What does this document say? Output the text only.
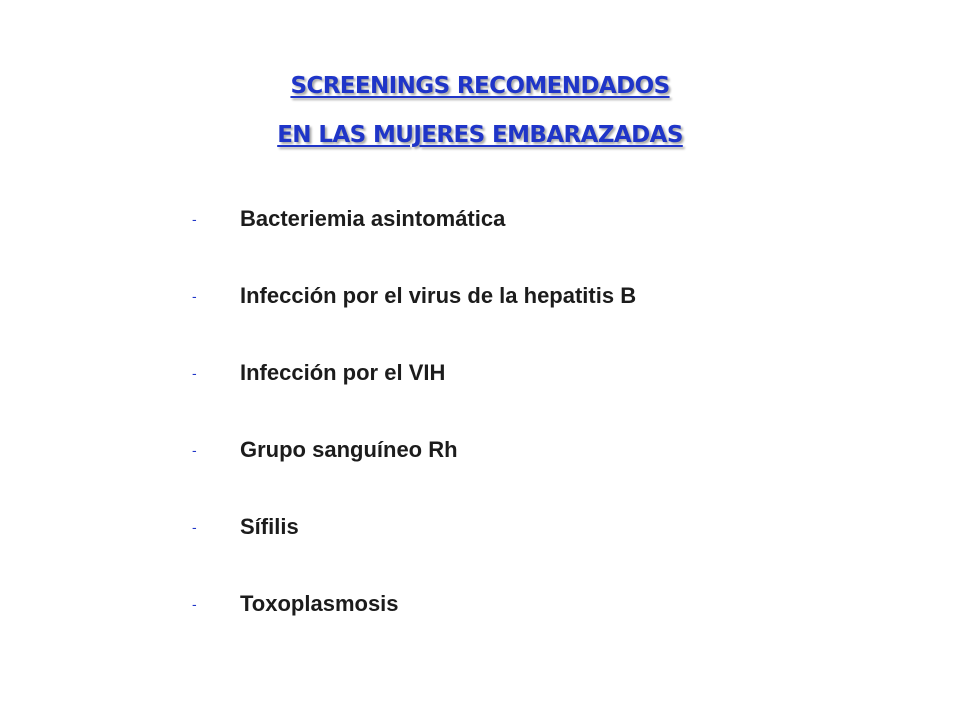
SCREENINGS RECOMENDADOS
EN LAS MUJERES EMBARAZADAS
-	Bacteriemia asintomática
-	Infección por el virus de la hepatitis B
-	Infección por el VIH
-	Grupo sanguíneo Rh
-	Sífilis
-	Toxoplasmosis
